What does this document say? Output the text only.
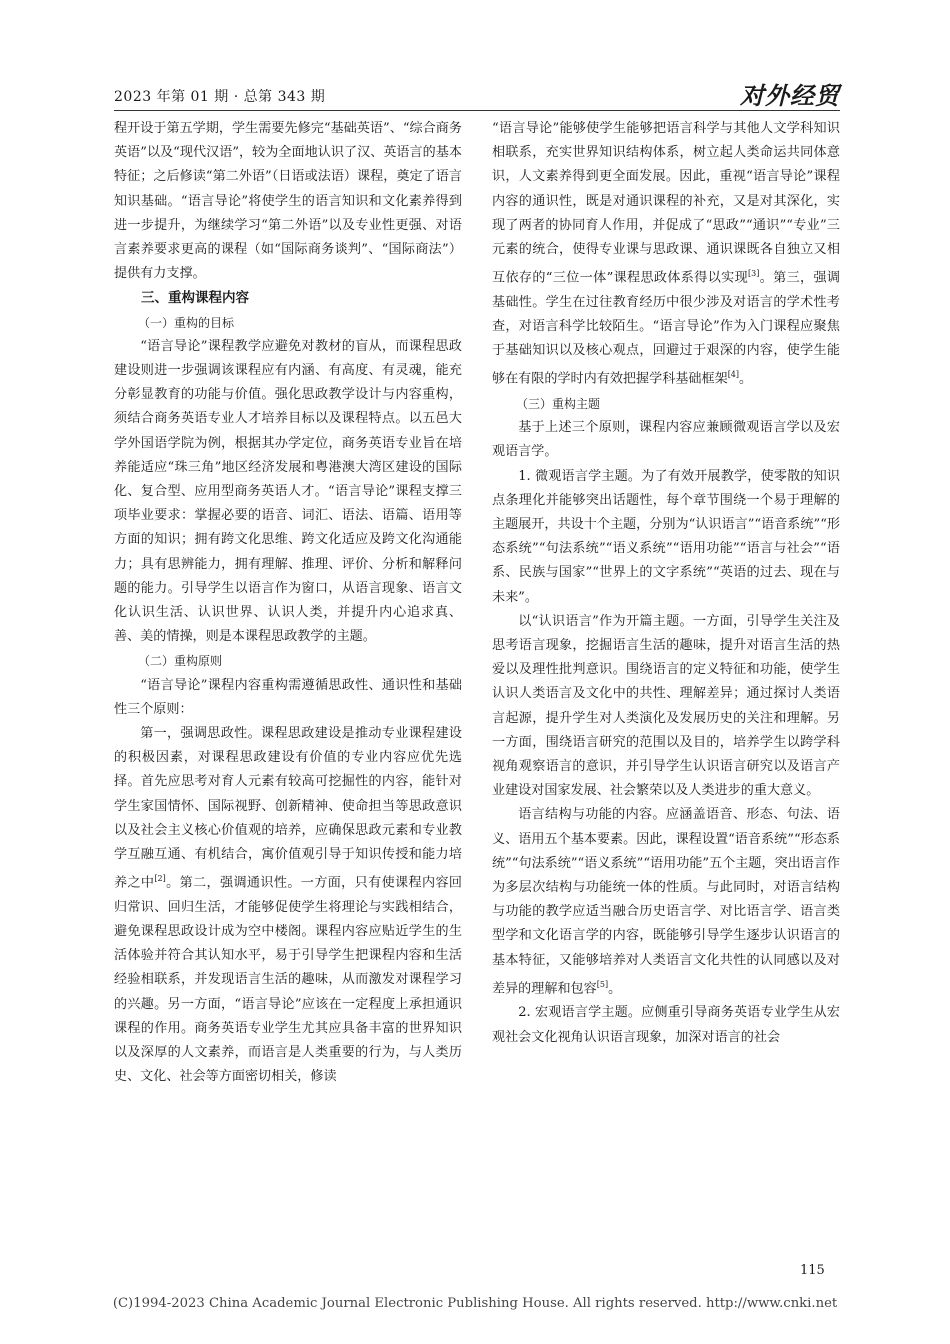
2023 年第 01 期 · 总第 343 期	对外经贸

程开设于第五学期，学生需要先修完“基础英语”、“综合商务英语”以及“现代汉语”，较为全面地认识了汉、英语言的基本特征；之后修读“第二外语”（日语或法语）课程，奠定了语言知识基础。“语言导论”将使学生的语言知识和文化素养得到进一步提升，为继续学习“第二外语”以及专业性更强、对语言素养要求更高的课程（如“国际商务谈判”、“国际商法”）提供有力支撑。

三、重构课程内容
（一）重构的目标

“语言导论”课程教学应避免对教材的盲从，而课程思政建设则进一步强调该课程应有内涵、有高度、有灵魂，能充分彰显教育的功能与价值。强化思政教学设计与内容重构，须结合商务英语专业人才培养目标以及课程特点。以五邑大学外国语学院为例，根据其办学定位，商务英语专业旨在培养能适应“珠三角”地区经济发展和粤港澳大湾区建设的国际化、复合型、应用型商务英语人才。“语言导论”课程支撑三项毕业要求：掌握必要的语音、词汇、语法、语篇、语用等方面的知识；拥有跨文化思维、跨文化适应及跨文化沟通能力；具有思辨能力，拥有理解、推理、评价、分析和解释问题的能力。引导学生以语言作为窗口，从语言现象、语言文化认识生活、认识世界、认识人类，并提升内心追求真、善、美的情操，则是本课程思政教学的主题。

（二）重构原则

“语言导论”课程内容重构需遵循思政性、通识性和基础性三个原则：

第一，强调思政性。课程思政建设是推动专业课程建设的积极因素，对课程思政建设有价值的专业内容应优先选择。首先应思考对育人元素有较高可挖掘性的内容，能针对学生家国情怀、国际视野、创新精神、使命担当等思政意识以及社会主义核心价值观的培养，应确保思政元素和专业教学互融互通、有机结合，寓价值观引导于知识传授和能力培养之中[2]。第二，强调通识性。一方面，只有使课程内容回归常识、回归生活，才能够促使学生将理论与实践相结合，避免课程思政设计成为空中楼阁。课程内容应贴近学生的生活体验并符合其认知水平，易于引导学生把课程内容和生活经验相联系，并发现语言生活的趣味，从而激发对课程学习的兴趣。另一方面，“语言导论”应该在一定程度上承担通识课程的作用。商务英语专业学生尤其应具备丰富的世界知识以及深厚的人文素养，而语言是人类重要的行为，与人类历史、文化、社会等方面密切相关，修读

“语言导论”能够使学生能够把语言科学与其他人文学科知识相联系，充实世界知识结构体系，树立起人类命运共同体意识，人文素养得到更全面发展。因此，重视“语言导论”课程内容的通识性，既是对通识课程的补充，又是对其深化，实现了两者的协同育人作用，并促成了“思政”“通识”“专业”三元素的统合，使得专业课与思政课、通识课既各自独立又相互依存的“三位一体”课程思政体系得以实现[3]。第三，强调基础性。学生在过往教育经历中很少涉及对语言的学术性考查，对语言科学比较陌生。“语言导论”作为入门课程应聚焦于基础知识以及核心观点，回避过于艰深的内容，使学生能够在有限的学时内有效把握学科基础框架[4]。

（三）重构主题

基于上述三个原则，课程内容应兼顾微观语言学以及宏观语言学。

1. 微观语言学主题。为了有效开展教学，使零散的知识点条理化并能够突出话题性，每个章节围绕一个易于理解的主题展开，共设十个主题，分别为“认识语言”“语音系统”“形态系统”“句法系统”“语义系统”“语用功能”“语言与社会”“语系、民族与国家”“世界上的文字系统”“英语的过去、现在与未来”。

以“认识语言”作为开篇主题。一方面，引导学生关注及思考语言现象，挖掘语言生活的趣味，提升对语言生活的热爱以及理性批判意识。围绕语言的定义特征和功能，使学生认识人类语言及文化中的共性、理解差异；通过探讨人类语言起源，提升学生对人类演化及发展历史的关注和理解。另一方面，围绕语言研究的范围以及目的，培养学生以跨学科视角观察语言的意识，并引导学生认识语言研究以及语言产业建设对国家发展、社会繁荣以及人类进步的重大意义。

语言结构与功能的内容。应涵盖语音、形态、句法、语义、语用五个基本要素。因此，课程设置“语音系统”“形态系统”“句法系统”“语义系统”“语用功能”五个主题，突出语言作为多层次结构与功能统一体的性质。与此同时，对语言结构与功能的教学应适当融合历史语言学、对比语言学、语言类型学和文化语言学的内容，既能够引导学生逐步认识语言的基本特征，又能够培养对人类语言文化共性的认同感以及对差异的理解和包容[5]。

2. 宏观语言学主题。应侧重引导商务英语专业学生从宏观社会文化视角认识语言现象，加深对语言的社会

115
(C)1994-2023 China Academic Journal Electronic Publishing House. All rights reserved. http://www.cnki.net
